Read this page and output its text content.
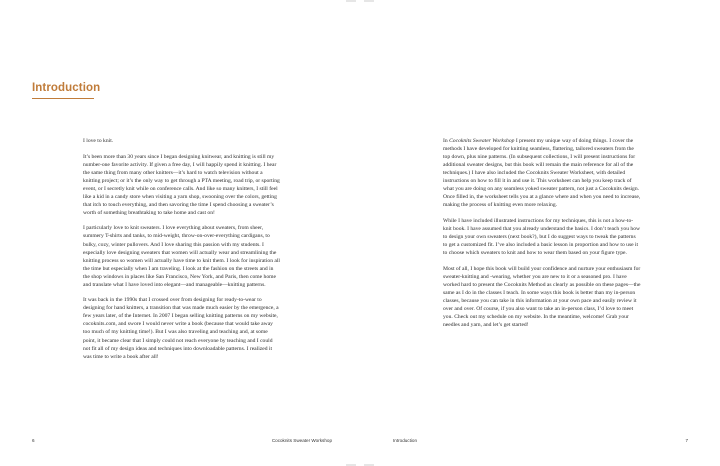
Introduction

I love to knit.

It’s been more than 30 years since I began designing knitwear, and knitting is still my number-one favorite activity. If given a free day, I will happily spend it knitting. I hear the same thing from many other knitters—it’s hard to watch television without a knitting project; or it’s the only way to get through a PTA meeting, road trip, or sporting event, or I secretly knit while on conference calls. And like so many knitters, I still feel like a kid in a candy store when visiting a yarn shop, swooning over the colors, getting that itch to touch everything, and then savoring the time I spend choosing a sweater’s worth of something breathtaking to take home and cast on!

I particularly love to knit sweaters. I love everything about sweaters, from sheer, summery T-shirts and tanks, to mid-weight, throw-on-over-everything cardigans, to bulky, cozy, winter pullovers. And I love sharing this passion with my students. I especially love designing sweaters that women will actually wear and streamlining the knitting process so women will actually have time to knit them. I look for inspiration all the time but especially when I am traveling. I look at the fashion on the streets and in the shop windows in places like San Francisco, New York, and Paris, then come home and translate what I have loved into elegant—and manageable—knitting patterns.

It was back in the 1990s that I crossed over from designing for ready-to-wear to designing for hand knitters, a transition that was made much easier by the emergence, a few years later, of the Internet. In 2007 I began selling knitting patterns on my website, cocoknits.com, and swore I would never write a book (because that would take away too much of my knitting time!). But I was also traveling and teaching and, at some point, it became clear that I simply could not reach everyone by teaching and I could not fit all of my design ideas and techniques into downloadable patterns. I realized it was time to write a book after all!

6	Cocoknits Sweater Workshop

In Cocoknits Sweater Workshop I present my unique way of doing things. I cover the methods I have developed for knitting seamless, flattering, tailored sweaters from the top down, plus nine patterns. (In subsequent collections, I will present instructions for additional sweater designs, but this book will remain the main reference for all of the techniques.) I have also included the Cocoknits Sweater Worksheet, with detailed instructions on how to fill it in and use it. This worksheet can help you keep track of what you are doing on any seamless yoked sweater pattern, not just a Cocoknits design. Once filled in, the worksheet tells you at a glance where and when you need to increase, making the process of knitting even more relaxing.

While I have included illustrated instructions for my techniques, this is not a how-to-knit book. I have assumed that you already understand the basics. I don’t teach you how to design your own sweaters (next book?), but I do suggest ways to tweak the patterns to get a customized fit. I’ve also included a basic lesson in proportion and how to use it to choose which sweaters to knit and how to wear them based on your figure type.

Most of all, I hope this book will build your confidence and nurture your enthusiasm for sweater-knitting and -wearing, whether you are new to it or a seasoned pro. I have worked hard to present the Cocoknits Method as clearly as possible on these pages—the same as I do in the classes I teach. In some ways this book is better than my in-person classes, because you can take in this information at your own pace and easily review it over and over. Of course, if you also want to take an in-person class, I’d love to meet you. Check out my schedule on my website. In the meantime, welcome! Grab your needles and yarn, and let’s get started!

Introduction	7
